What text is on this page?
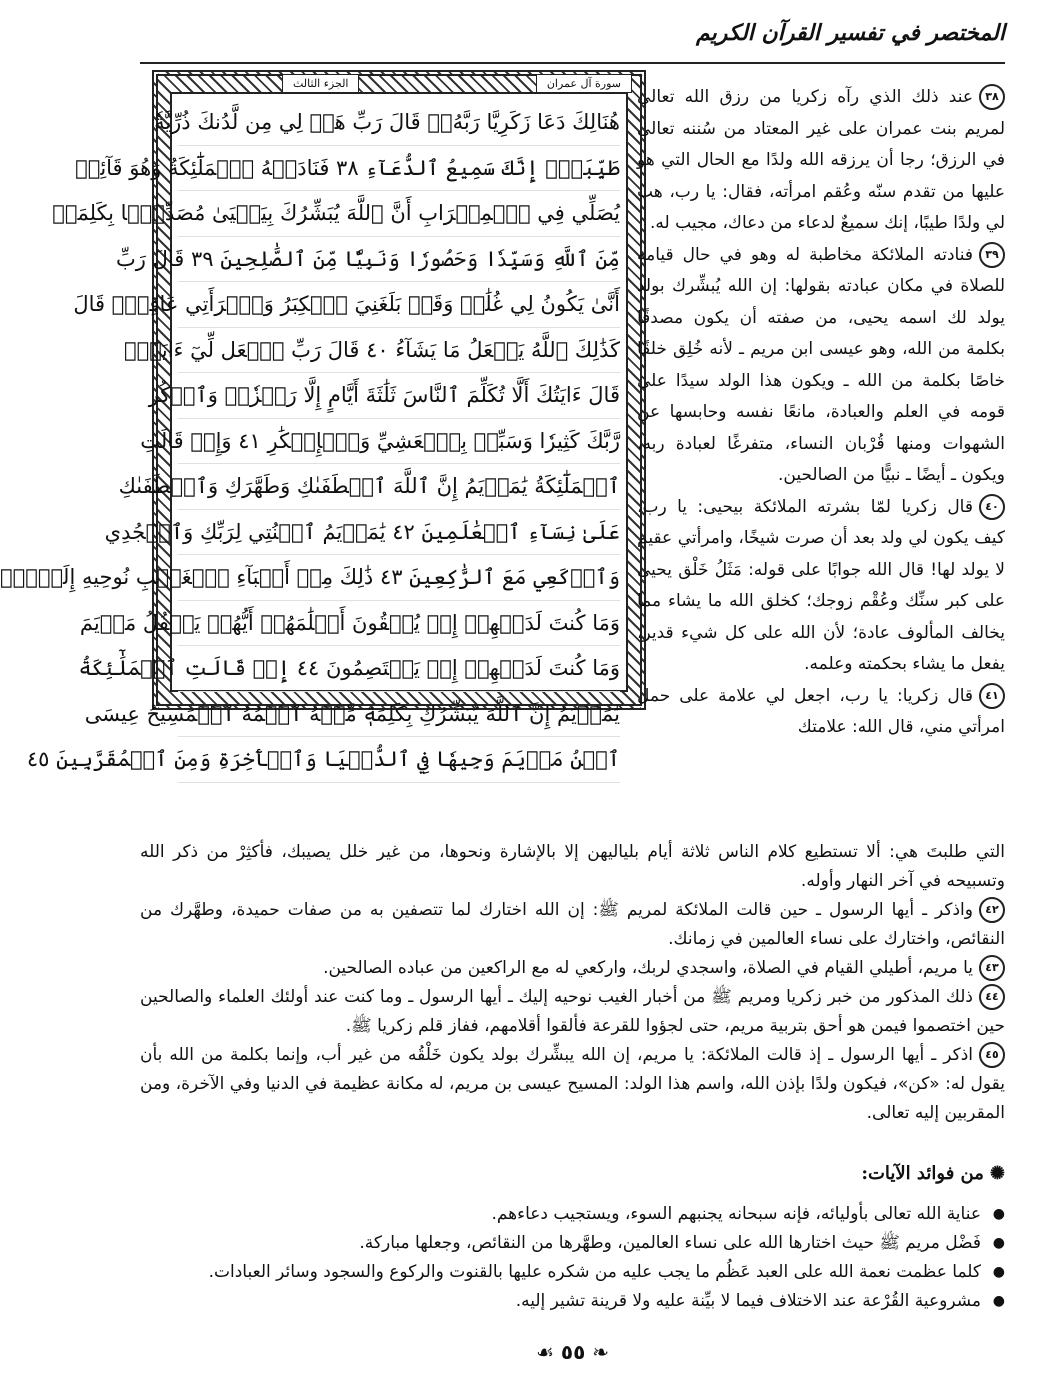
المختصر في تفسير القرآن الكريم
سورة آل عمران
الجزء الثالث
هُنَالِكَ دَعَا زَكَرِيَّا رَبَّهُۥۖ قَالَ رَبِّ هَبۡ لِي مِن لَّدُنكَ ذُرِّيَّةٗ
طَيِّبَةًۖ إِنَّكَ سَمِيعُ ٱلدُّعَآءِ ٣٨ فَنَادَتۡهُ ٱلۡمَلَٰٓئِكَةُ وَهُوَ قَآئِمٞ
يُصَلِّي فِي ٱلۡمِحۡرَابِ أَنَّ ٱللَّهَ يُبَشِّرُكَ بِيَحۡيَىٰ مُصَدِّقَۢا بِكَلِمَةٖ
مِّنَ ٱللَّهِ وَسَيِّدٗا وَحَصُورٗا وَنَبِيّٗا مِّنَ ٱلصَّٰلِحِينَ ٣٩ قَالَ رَبِّ
أَنَّىٰ يَكُونُ لِي غُلَٰمٞ وَقَدۡ بَلَغَنِيَ ٱلۡكِبَرُ وَٱمۡرَأَتِي عَاقِرٞۖ قَالَ
كَذَٰلِكَ ٱللَّهُ يَفۡعَلُ مَا يَشَآءُ ٤٠ قَالَ رَبِّ ٱجۡعَل لِّيٓ ءَايَةٗۖ
قَالَ ءَايَتُكَ أَلَّا تُكَلِّمَ ٱلنَّاسَ ثَلَٰثَةَ أَيَّامٍ إِلَّا رَمۡزٗاۗ وَٱذۡكُر
رَّبَّكَ كَثِيرٗا وَسَبِّحۡ بِٱلۡعَشِيِّ وَٱلۡإِبۡكَٰرِ ٤١ وَإِذۡ قَالَتِ
ٱلۡمَلَٰٓئِكَةُ يَٰمَرۡيَمُ إِنَّ ٱللَّهَ ٱصۡطَفَىٰكِ وَطَهَّرَكِ وَٱصۡطَفَىٰكِ
عَلَىٰ نِسَآءِ ٱلۡعَٰلَمِينَ ٤٢ يَٰمَرۡيَمُ ٱقۡنُتِي لِرَبِّكِ وَٱسۡجُدِي
وَٱرۡكَعِي مَعَ ٱلرَّٰكِعِينَ ٤٣ ذَٰلِكَ مِنۡ أَنۢبَآءِ ٱلۡغَيۡبِ نُوحِيهِ إِلَيۡكَۚ
وَمَا كُنتَ لَدَيۡهِمۡ إِذۡ يُلۡقُونَ أَقۡلَٰمَهُمۡ أَيُّهُمۡ يَكۡفُلُ مَرۡيَمَ
وَمَا كُنتَ لَدَيۡهِمۡ إِذۡ يَخۡتَصِمُونَ ٤٤ إِذۡ قَالَتِ ٱلۡمَلَٰٓئِكَةُ
يَٰمَرۡيَمُ إِنَّ ٱللَّهَ يُبَشِّرُكِ بِكَلِمَةٖ مِّنۡهُ ٱسۡمُهُ ٱلۡمَسِيحُ عِيسَى
ٱبۡنُ مَرۡيَمَ وَجِيهٗا فِي ٱلدُّنۡيَا وَٱلۡأٓخِرَةِ وَمِنَ ٱلۡمُقَرَّبِينَ ٤٥

٣٨عند ذلك الذي رآه زكريا من رزق الله تعالى لمريم بنت عمران على غير المعتاد من سُننه تعالى في الرزق؛ رجا أن يرزقه الله ولدًا مع الحال التي هو عليها من تقدم سنّه وعُقم امرأته، فقال: يا رب، هب لي ولدًا طيبًا، إنك سميعٌ لدعاء من دعاك، مجيب له.

٣٩فنادته الملائكة مخاطبة له وهو في حال قيامه للصلاة في مكان عبادته بقولها: إن الله يُبشِّرك بولد يولد لك اسمه يحيى، من صفته أن يكون مصدقًا بكلمة من الله، وهو عيسى ابن مريم ـ لأنه خُلِق خلقًا خاصًا بكلمة من الله ـ ويكون هذا الولد سيدًا على قومه في العلم والعبادة، مانعًا نفسه وحابسها عن الشهوات ومنها قُرْبان النساء، متفرغًا لعبادة ربه، ويكون ـ أيضًا ـ نبيًّا من الصالحين.

٤٠قال زكريا لمّا بشرته الملائكة بيحيى: يا رب، كيف يكون لي ولد بعد أن صرت شيخًا، وامرأتي عقيم لا يولد لها! قال الله جوابًا على قوله: مَثَلُ خَلْق يحيى على كبر سنِّك وعُقْم زوجك؛ كخلق الله ما يشاء مما يخالف المألوف عادة؛ لأن الله على كل شيء قدير، يفعل ما يشاء بحكمته وعلمه.

٤١قال زكريا: يا رب، اجعل لي علامة على حمل امرأتي مني، قال الله: علامتك

التي طلبتَ هي: ألا تستطيع كلام الناس ثلاثة أيام بلياليهن إلا بالإشارة ونحوها، من غير خلل يصيبك، فأكثِرْ من ذكر الله وتسبيحه في آخر النهار وأوله.

٤٢واذكر ـ أيها الرسول ـ حين قالت الملائكة لمريم ﷺ: إن الله اختارك لما تتصفين به من صفات حميدة، وطهَّرك من النقائص، واختارك على نساء العالمين في زمانك.

٤٣يا مريم، أطيلي القيام في الصلاة، واسجدي لربك، واركعي له مع الراكعين من عباده الصالحين.

٤٤ذلك المذكور من خبر زكريا ومريم ﷺ من أخبار الغيب نوحيه إليك ـ أيها الرسول ـ وما كنت عند أولئك العلماء والصالحين حين اختصموا فيمن هو أحق بتربية مريم، حتى لجؤوا للقرعة فألقوا أقلامهم، ففاز قلم زكريا ﷺ.

٤٥اذكر ـ أيها الرسول ـ إذ قالت الملائكة: يا مريم، إن الله يبشِّرك بولد يكون خَلْقُه من غير أب، وإنما بكلمة من الله بأن يقول له: «كن»، فيكون ولدًا بإذن الله، واسم هذا الولد: المسيح عيسى بن مريم، له مكانة عظيمة في الدنيا وفي الآخرة، ومن المقربين إليه تعالى.

✺من فوائد الآيات:
● عناية الله تعالى بأوليائه، فإنه سبحانه يجنبهم السوء، ويستجيب دعاءهم.
● فَضْل مريم ﷺ حيث اختارها الله على نساء العالمين، وطهَّرها من النقائص، وجعلها مباركة.
● كلما عظمت نعمة الله على العبد عَظُم ما يجب عليه من شكره عليها بالقنوت والركوع والسجود وسائر العبادات.
● مشروعية القُرْعة عند الاختلاف فيما لا بيِّنة عليه ولا قرينة تشير إليه.
❧ ٥٥ ☙
